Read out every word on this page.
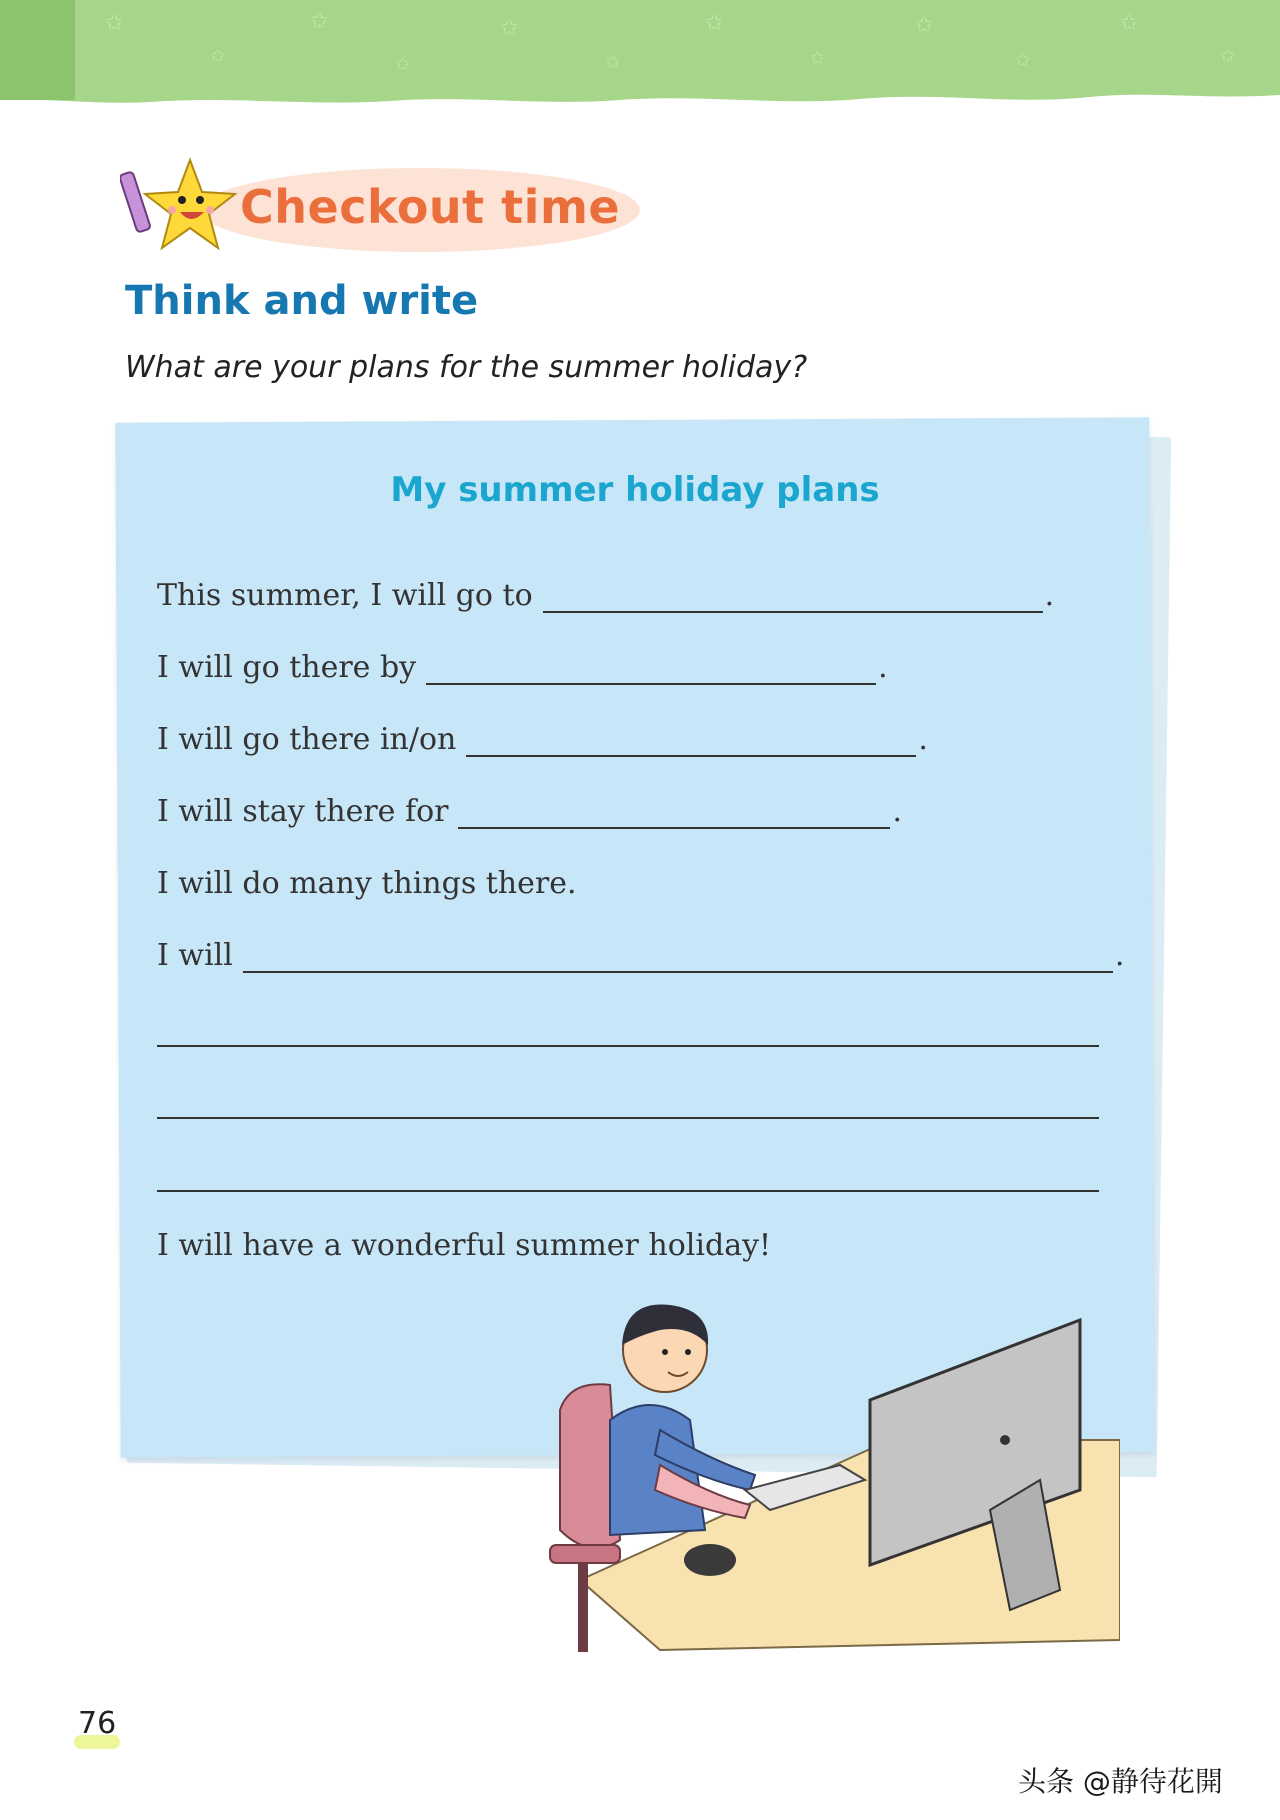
✩
✩
✩
✩
✩
✩
✩
✩
✩
✩
✩
✩
Checkout time
Think and write
What are your plans for the summer holiday?
My summer holiday plans
This summer, I will go to	.
I will go there by	.
I will go there in/on	.
I will stay there for	.
I will do many things there.
I will	.
I will have a wonderful summer holiday!
76
头条 @静待花開
